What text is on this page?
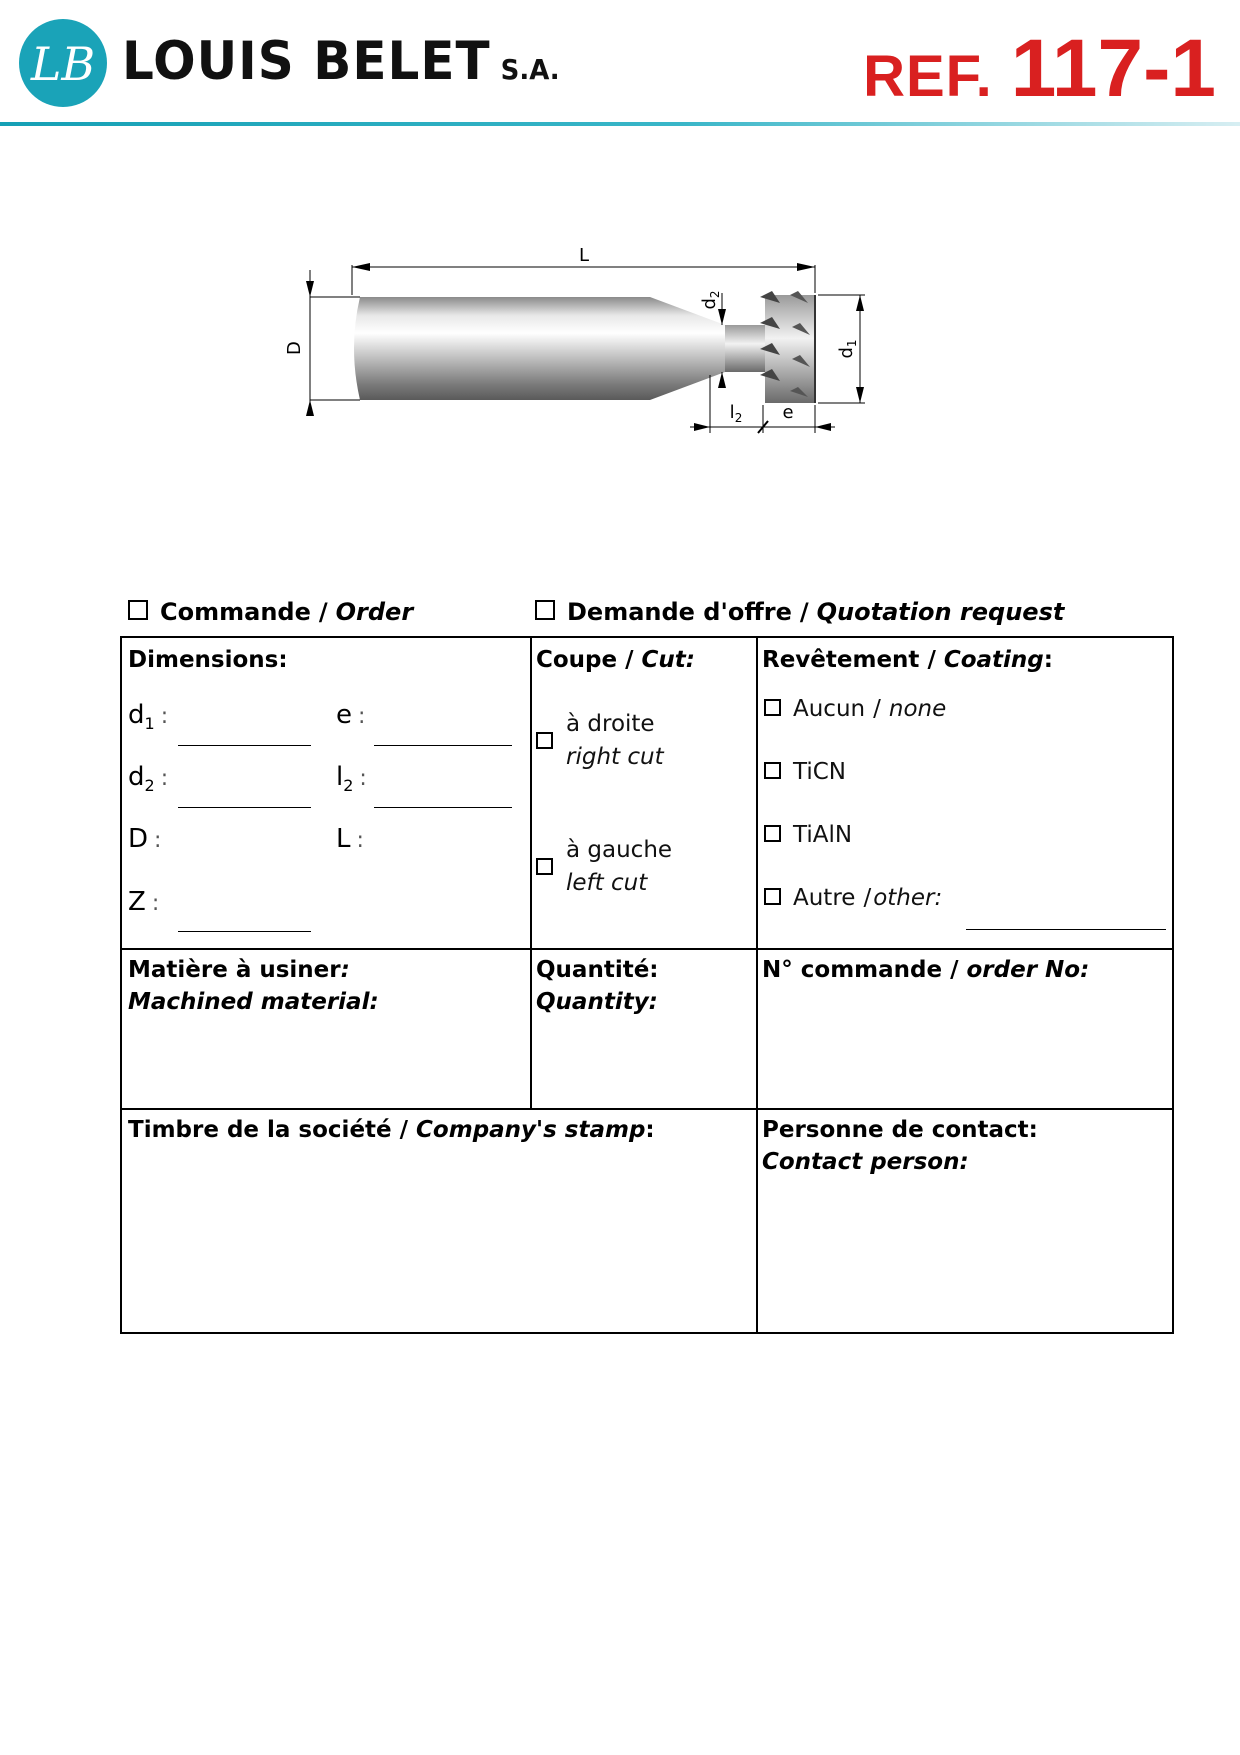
LB LOUIS BELET S.A.	REF. 117-1
L
D	$d_1$
$d_2$
$l_2$ e
Commande / Order	Demande d'offre / Quotation request
Dimensions:
$d_1$ :	e :
$d_2$ :	$l_2$ :
D :	L :
Z :
Coupe / Cut:
à droite
right cut
à gauche
left cut
Revêtement / Coating:
Aucun / none
TiCN
TiAlN
Autre /other:
Matière à usiner:
Machined material:
Quantité:
Quantity:
N° commande / order No:
Timbre de la société / Company's stamp:	Personne de contact:
Contact person:
